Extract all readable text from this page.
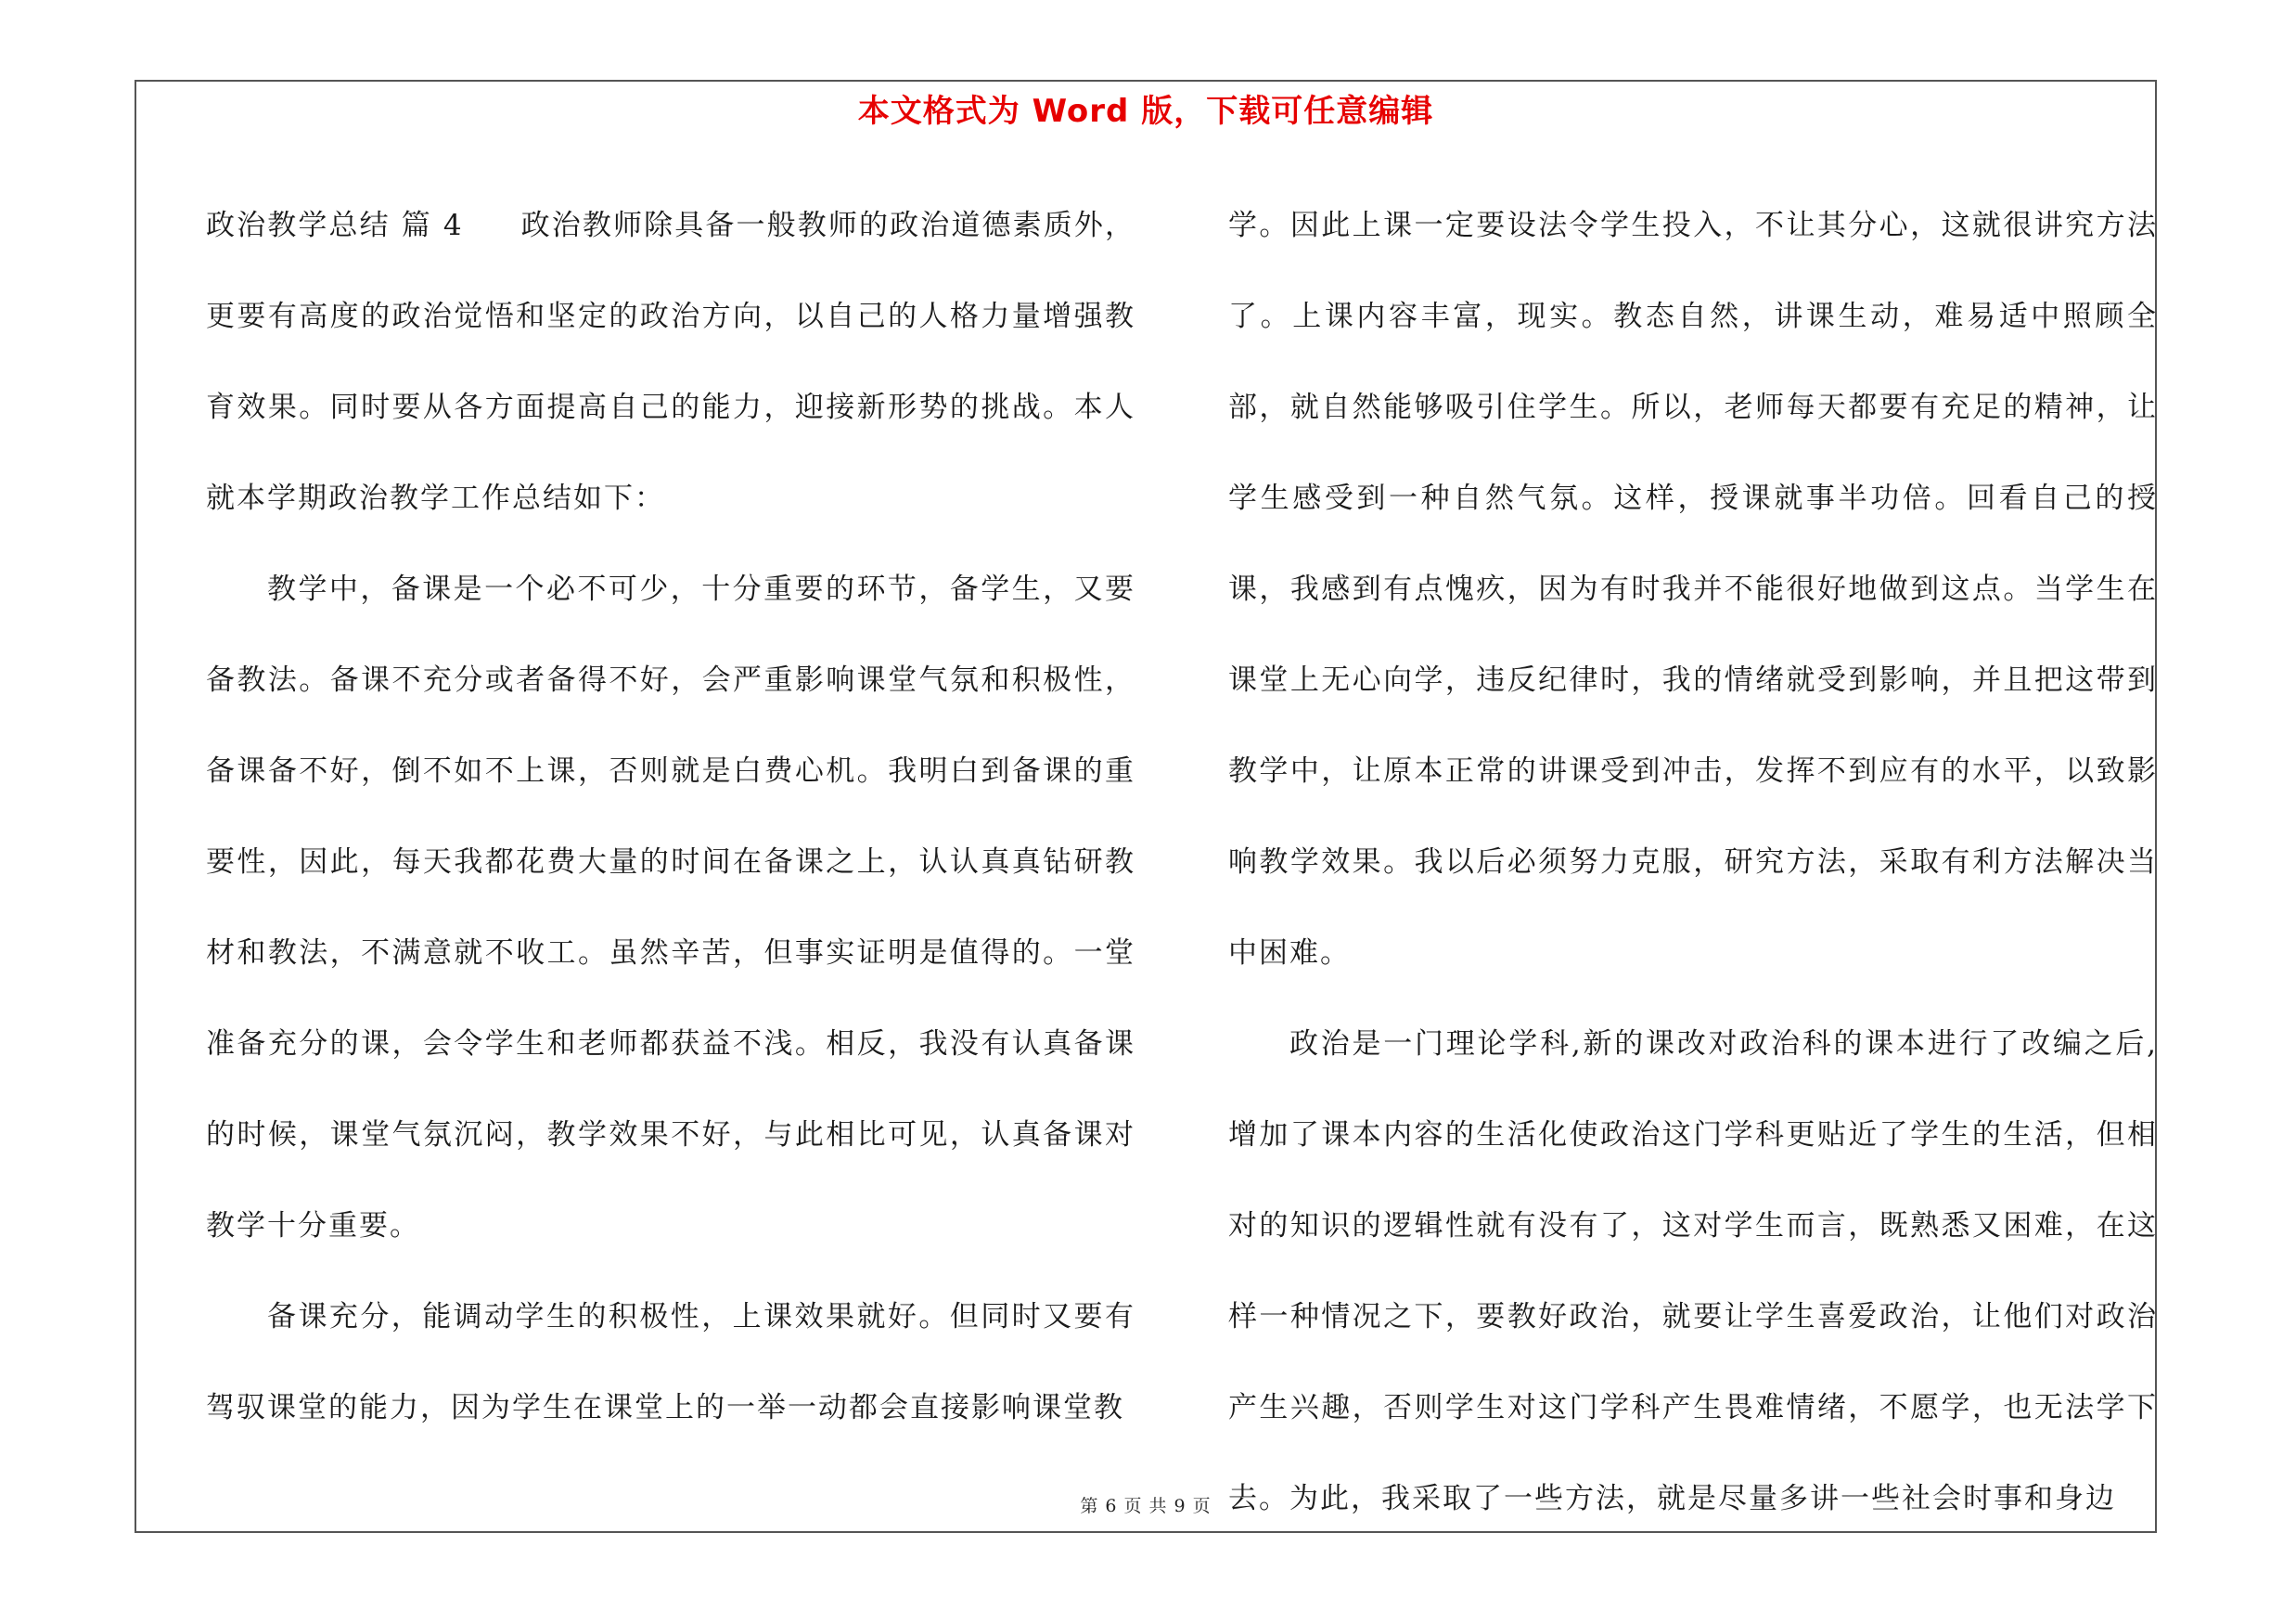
本文格式为 Word 版，下载可任意编辑

政治教学总结 篇 4 政治教师除具备一般教师的政治道德素质外，更要有高度的政治觉悟和坚定的政治方向，以自己的人格力量增强教育效果。同时要从各方面提高自己的能力，迎接新形势的挑战。本人就本学期政治教学工作总结如下：

教学中，备课是一个必不可少，十分重要的环节，备学生，又要备教法。备课不充分或者备得不好，会严重影响课堂气氛和积极性，备课备不好，倒不如不上课，否则就是白费心机。我明白到备课的重要性，因此，每天我都花费大量的时间在备课之上，认认真真钻研教材和教法，不满意就不收工。虽然辛苦，但事实证明是值得的。一堂准备充分的课，会令学生和老师都获益不浅。相反，我没有认真备课的时候，课堂气氛沉闷，教学效果不好，与此相比可见，认真备课对教学十分重要。

备课充分，能调动学生的积极性，上课效果就好。但同时又要有驾驭课堂的能力，因为学生在课堂上的一举一动都会直接影响课堂教

学。因此上课一定要设法令学生投入，不让其分心，这就很讲究方法了。上课内容丰富，现实。教态自然，讲课生动，难易适中照顾全部，就自然能够吸引住学生。所以，老师每天都要有充足的精神，让学生感受到一种自然气氛。这样，授课就事半功倍。回看自己的授课，我感到有点愧疚，因为有时我并不能很好地做到这点。当学生在课堂上无心向学，违反纪律时，我的情绪就受到影响，并且把这带到教学中，让原本正常的讲课受到冲击，发挥不到应有的水平，以致影响教学效果。我以后必须努力克服，研究方法，采取有利方法解决当中困难。

政治是一门理论学科,新的课改对政治科的课本进行了改编之后,增加了课本内容的生活化使政治这门学科更贴近了学生的生活，但相对的知识的逻辑性就有没有了，这对学生而言，既熟悉又困难，在这样一种情况之下，要教好政治，就要让学生喜爱政治，让他们对政治产生兴趣，否则学生对这门学科产生畏难情绪，不愿学，也无法学下去。为此，我采取了一些方法，就是尽量多讲一些社会时事和身边

第 6 页 共 9 页
